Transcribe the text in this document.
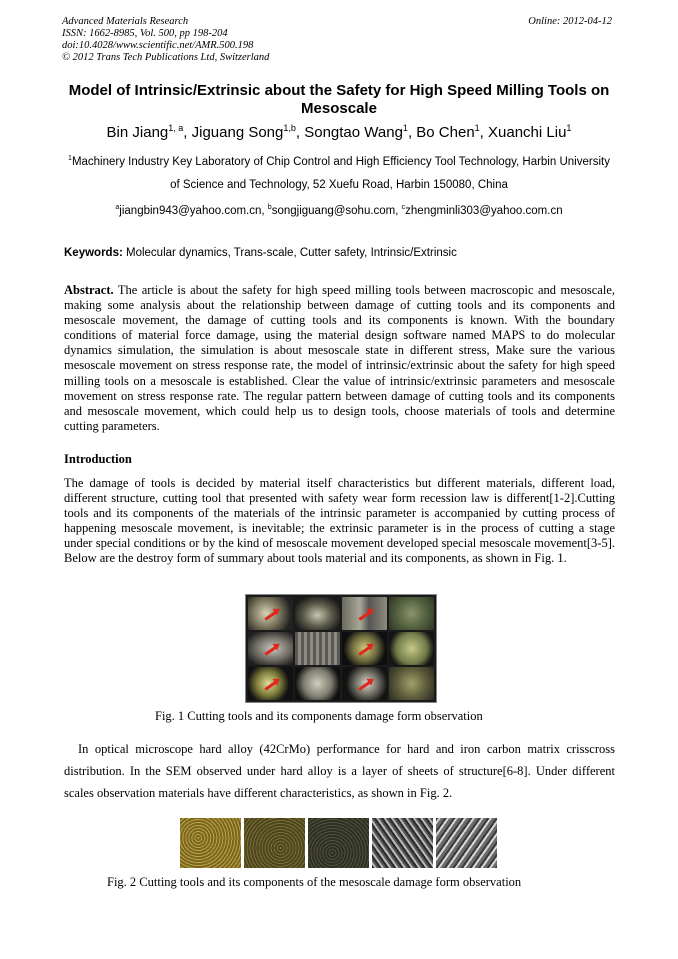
Advanced Materials Research
ISSN: 1662-8985, Vol. 500, pp 198-204
doi:10.4028/www.scientific.net/AMR.500.198
© 2012 Trans Tech Publications Ltd, Switzerland
Online: 2012-04-12
Model of Intrinsic/Extrinsic about the Safety for High Speed Milling Tools on Mesoscale
Bin Jiang$^{1, a}$, Jiguang Song$^{1,b}$, Songtao Wang$^1$, Bo Chen$^1$, Xuanchi Liu$^1$
$^1$Machinery Industry Key Laboratory of Chip Control and High Efficiency Tool Technology, Harbin University of Science and Technology, 52 Xuefu Road, Harbin 150080, China
$^a$jiangbin943@yahoo.com.cn, $^b$songjiguang@sohu.com, $^c$zhengminli303@yahoo.com.cn
Keywords: Molecular dynamics, Trans-scale, Cutter safety, Intrinsic/Extrinsic
Abstract. The article is about the safety for high speed milling tools between macroscopic and mesoscale, making some analysis about the relationship between damage of cutting tools and its components and mesoscale movement, the damage of cutting tools and its components is known. With the boundary conditions of material force damage, using the material design software named MAPS to do molecular dynamics simulation, the simulation is about mesoscale state in different stress, Make sure the various mesoscale movement on stress response rate, the model of intrinsic/extrinsic about the safety for high speed milling tools on a mesoscale is established. Clear the value of intrinsic/extrinsic parameters and mesoscale movement on stress response rate. The regular pattern between damage of cutting tools and its components and mesoscale movement, which could help us to design tools, choose materials of tools and determine cutting parameters.
Introduction
The damage of tools is decided by material itself characteristics but different materials, different load, different structure, cutting tool that presented with safety wear form recession law is different[1-2].Cutting tools and its components of the materials of the intrinsic parameter is accompanied by cutting process of happening mesoscale movement, is inevitable; the extrinsic parameter is in the process of cutting a stage under special conditions or by the kind of mesoscale movement developed special mesoscale movement[3-5]. Below are the destroy form of summary about tools material and its components, as shown in Fig. 1.
Fig. 1 Cutting tools and its components damage form observation
In optical microscope hard alloy (42CrMo) performance for hard and iron carbon matrix crisscross distribution. In the SEM observed under hard alloy is a layer of sheets of structure[6-8]. Under different scales observation materials have different characteristics, as shown in Fig. 2.
Fig. 2 Cutting tools and its components of the mesoscale damage form observation
